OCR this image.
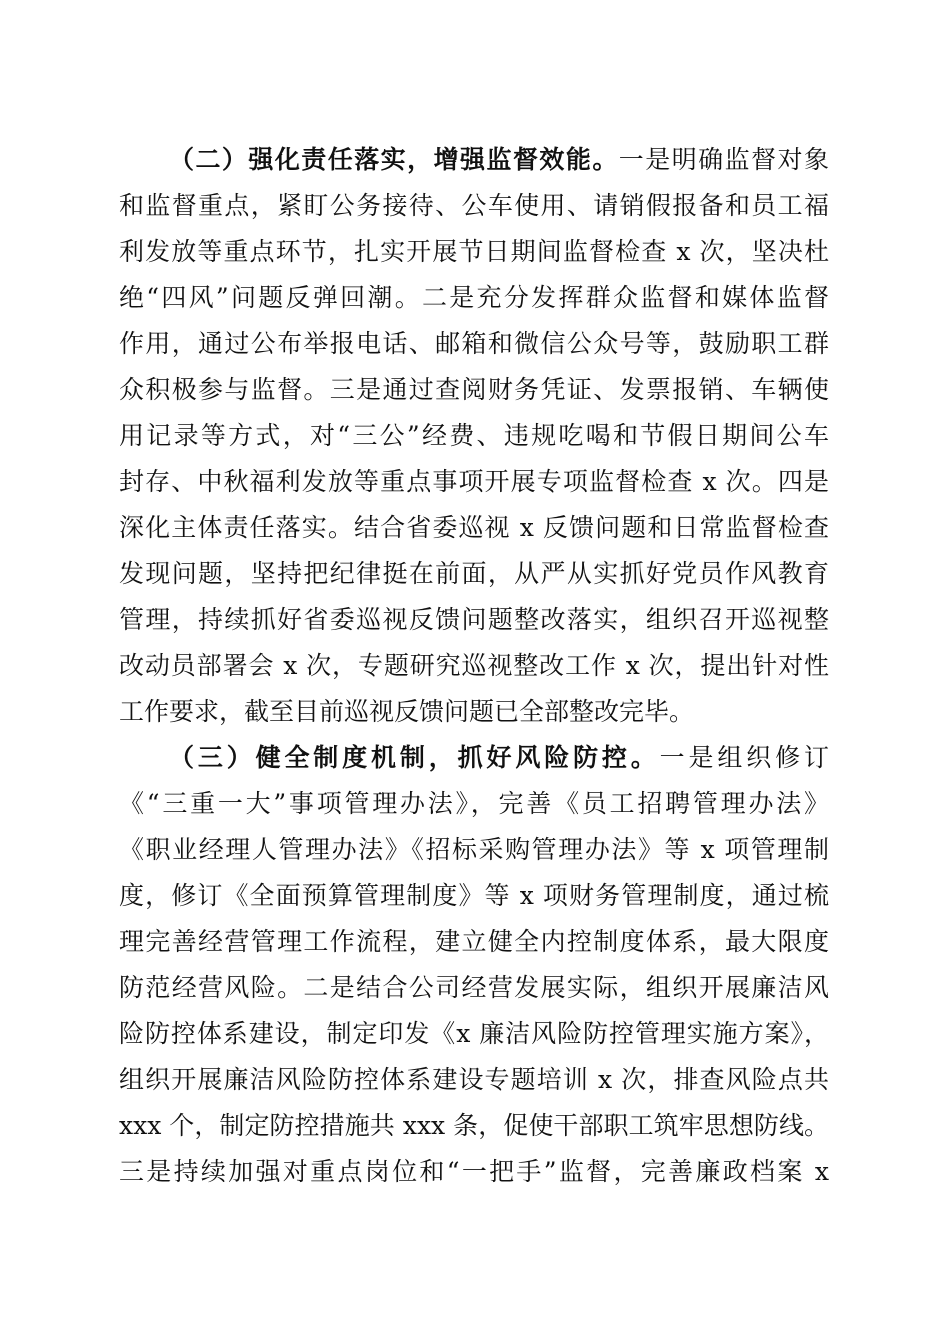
（二）强化责任落实，增强监督效能。一是明确监督对象
和监督重点，紧盯公务接待、公车使用、请销假报备和员工福
利发放等重点环节，扎实开展节日期间监督检查 x 次，坚决杜
绝“四风”问题反弹回潮。二是充分发挥群众监督和媒体监督
作用，通过公布举报电话、邮箱和微信公众号等，鼓励职工群
众积极参与监督。三是通过查阅财务凭证、发票报销、车辆使
用记录等方式，对“三公”经费、违规吃喝和节假日期间公车
封存、中秋福利发放等重点事项开展专项监督检查 x 次。四是
深化主体责任落实。结合省委巡视 x 反馈问题和日常监督检查
发现问题，坚持把纪律挺在前面，从严从实抓好党员作风教育
管理，持续抓好省委巡视反馈问题整改落实，组织召开巡视整
改动员部署会 x 次，专题研究巡视整改工作 x 次，提出针对性
工作要求，截至目前巡视反馈问题已全部整改完毕。
（三）健全制度机制，抓好风险防控。一是组织修订
《“三重一大”事项管理办法》，完善《员工招聘管理办法》
《职业经理人管理办法》《招标采购管理办法》等 x 项管理制
度，修订《全面预算管理制度》等 x 项财务管理制度，通过梳
理完善经营管理工作流程，建立健全内控制度体系，最大限度
防范经营风险。二是结合公司经营发展实际，组织开展廉洁风
险防控体系建设，制定印发《x 廉洁风险防控管理实施方案》，
组织开展廉洁风险防控体系建设专题培训 x 次，排查风险点共
xxx 个，制定防控措施共 xxx 条，促使干部职工筑牢思想防线。
三是持续加强对重点岗位和“一把手”监督，完善廉政档案 x
